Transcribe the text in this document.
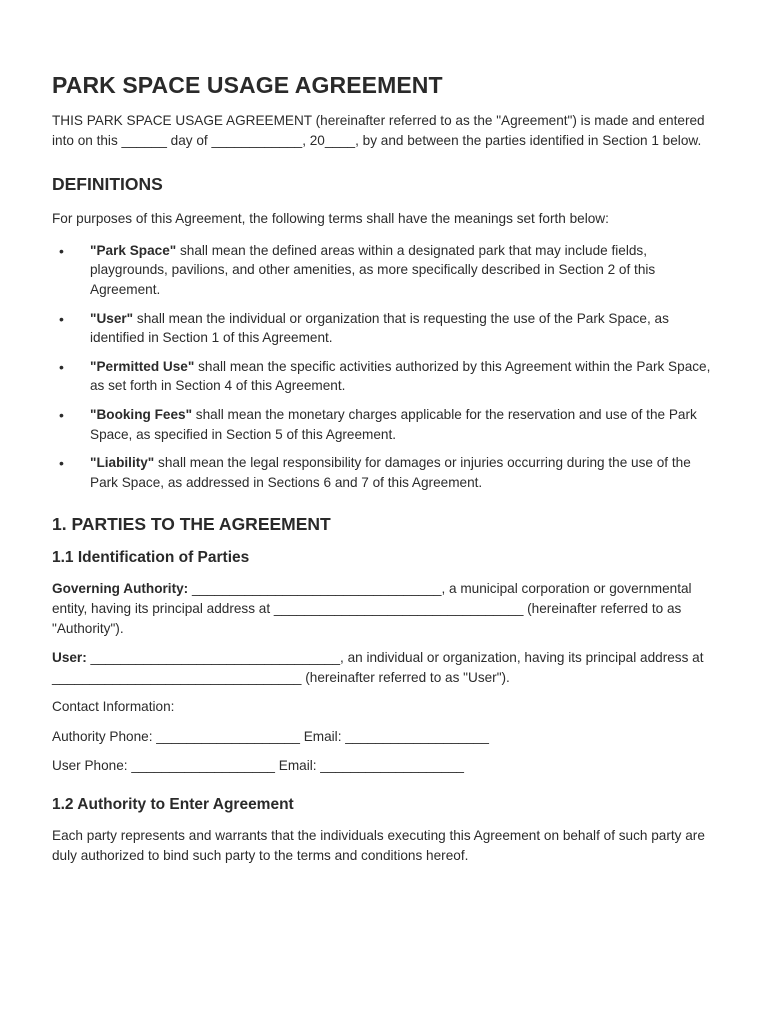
PARK SPACE USAGE AGREEMENT

THIS PARK SPACE USAGE AGREEMENT (hereinafter referred to as the "Agreement") is made and entered into on this ______ day of ____________, 20____, by and between the parties identified in Section 1 below.

DEFINITIONS

For purposes of this Agreement, the following terms shall have the meanings set forth below:

• "Park Space" shall mean the defined areas within a designated park that may include fields, playgrounds, pavilions, and other amenities, as more specifically described in Section 2 of this Agreement.
• "User" shall mean the individual or organization that is requesting the use of the Park Space, as identified in Section 1 of this Agreement.
• "Permitted Use" shall mean the specific activities authorized by this Agreement within the Park Space, as set forth in Section 4 of this Agreement.
• "Booking Fees" shall mean the monetary charges applicable for the reservation and use of the Park Space, as specified in Section 5 of this Agreement.
• "Liability" shall mean the legal responsibility for damages or injuries occurring during the use of the Park Space, as addressed in Sections 6 and 7 of this Agreement.
1. PARTIES TO THE AGREEMENT
1.1 Identification of Parties

Governing Authority: _________________________________, a municipal corporation or governmental entity, having its principal address at _________________________________ (hereinafter referred to as "Authority").

User: _________________________________, an individual or organization, having its principal address at _________________________________ (hereinafter referred to as "User").

Contact Information:

Authority Phone: ___________________ Email: ___________________

User Phone: ___________________ Email: ___________________

1.2 Authority to Enter Agreement

Each party represents and warrants that the individuals executing this Agreement on behalf of such party are duly authorized to bind such party to the terms and conditions hereof.
